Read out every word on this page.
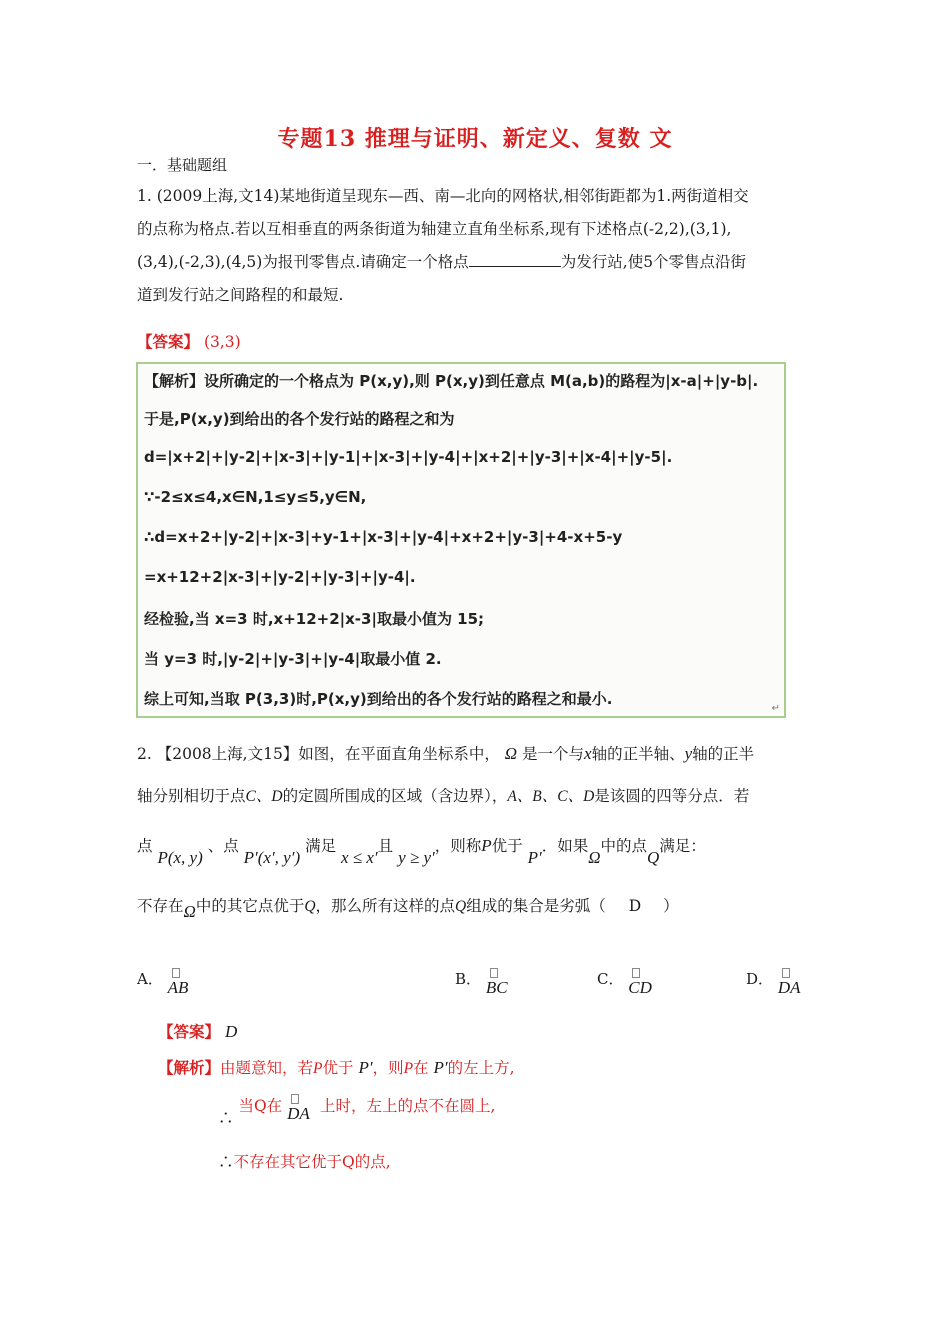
专题13 推理与证明、新定义、复数 文
一．基础题组
1. (2009上海,文14)某地街道呈现东—西、南—北向的网格状,相邻街距都为1.两街道相交
的点称为格点.若以互相垂直的两条街道为轴建立直角坐标系,现有下述格点(-2,2),(3,1),
(3,4),(-2,3),(4,5)为报刊零售点.请确定一个格点	为发行站,使5个零售点沿街
道到发行站之间路程的和最短.
【答案】 (3,3)
【解析】设所确定的一个格点为 P(x,y),则 P(x,y)到任意点 M(a,b)的路程为|x-a|+|y-b|.
于是,P(x,y)到给出的各个发行站的路程之和为
d=|x+2|+|y-2|+|x-3|+|y-1|+|x-3|+|y-4|+|x+2|+|y-3|+|x-4|+|y-5|.
∵-2≤x≤4,x∈N,1≤y≤5,y∈N,
∴d=x+2+|y-2|+|x-3|+y-1+|x-3|+|y-4|+x+2+|y-3|+4-x+5-y
=x+12+2|x-3|+|y-2|+|y-3|+|y-4|.
经检验,当 x=3 时,x+12+2|x-3|取最小值为 15;
当 y=3 时,|y-2|+|y-3|+|y-4|取最小值 2.
综上可知,当取 P(3,3)时,P(x,y)到给出的各个发行站的路程之和最小.
↵
2. 【2008上海,文15】如图，在平面直角坐标系中， Ω 是一个与x轴的正半轴、y轴的正半
轴分别相切于点C、D的定圆所围成的区域（含边界），A、B、C、D是该圆的四等分点．若
点 P(x, y) 、点 P′(x′, y′) 满足 x ≤ x′且 y ≥ y′，则称P优于 P′．如果Ω中的点Q满足：
不存在Ω中的其它点优于Q，那么所有这样的点Q组成的集合是劣弧（ D ）
A． AB	B． BC	C． CD	D． DA
【答案】 D
【解析】由题意知，若P优于 P′，则P在 P′的左上方,
∴ 当Q在 DA 上时，左上的点不在圆上,
∴不存在其它优于Q的点,
